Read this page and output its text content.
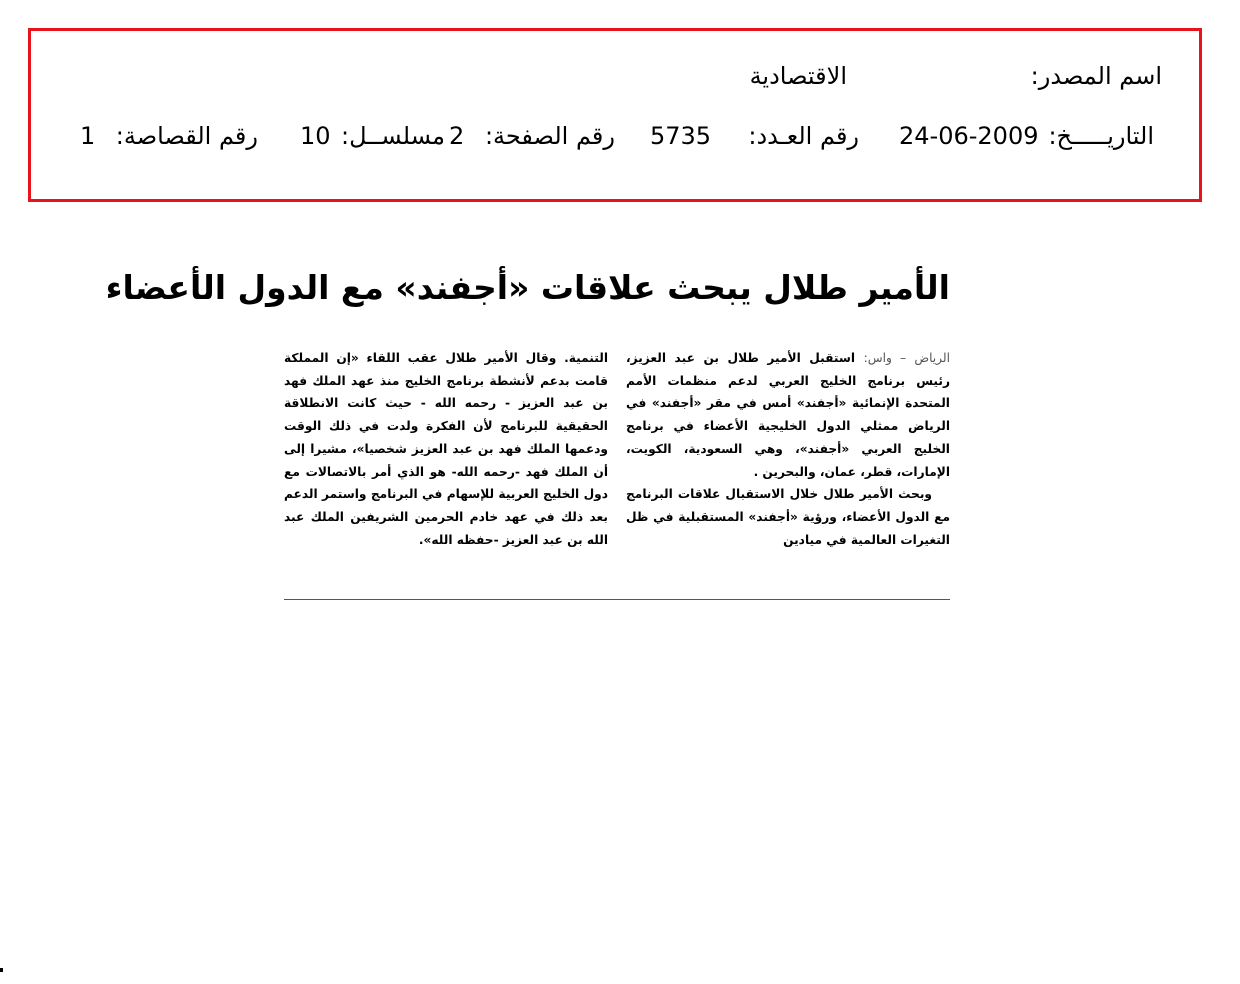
اسم المصدر:
الاقتصادية
التاريـــــخ:
24-06-2009
رقم العـدد:
5735
رقم الصفحة:
2
مسلســل:
10
رقم القصاصة:
1
الأمير طلال يبحث علاقات «أجفند» مع الدول الأعضاء

الرياض – واس: استقبل الأمير طلال بن عبد العزيز، رئيس برنامج الخليج العربي لدعم منظمات الأمم المتحدة الإنمائية «أجفند» أمس في مقر «أجفند» في الرياض ممثلي الدول الخليجية الأعضاء في برنامج الخليج العربي «أجفند»، وهي السعودية، الكويت، الإمارات، قطر، عمان، والبحرين .

وبحث الأمير طلال خلال الاستقبال علاقات البرنامج مع الدول الأعضاء، ورؤية «أجفند» المستقبلية في ظل التغيرات العالمية في ميادين

التنمية. وقال الأمير طلال عقب اللقاء «إن المملكة قامت بدعم لأنشطة برنامج الخليج منذ عهد الملك فهد بن عبد العزيز - رحمه الله - حيث كانت الانطلاقة الحقيقية للبرنامج لأن الفكرة ولدت في ذلك الوقت ودعمها الملك فهد بن عبد العزيز شخصيا»، مشيرا إلى أن الملك فهد -رحمه الله- هو الذي أمر بالاتصالات مع دول الخليج العربية للإسهام في البرنامج واستمر الدعم بعد ذلك في عهد خادم الحرمين الشريفين الملك عبد الله بن عبد العزيز -حفظه الله».
